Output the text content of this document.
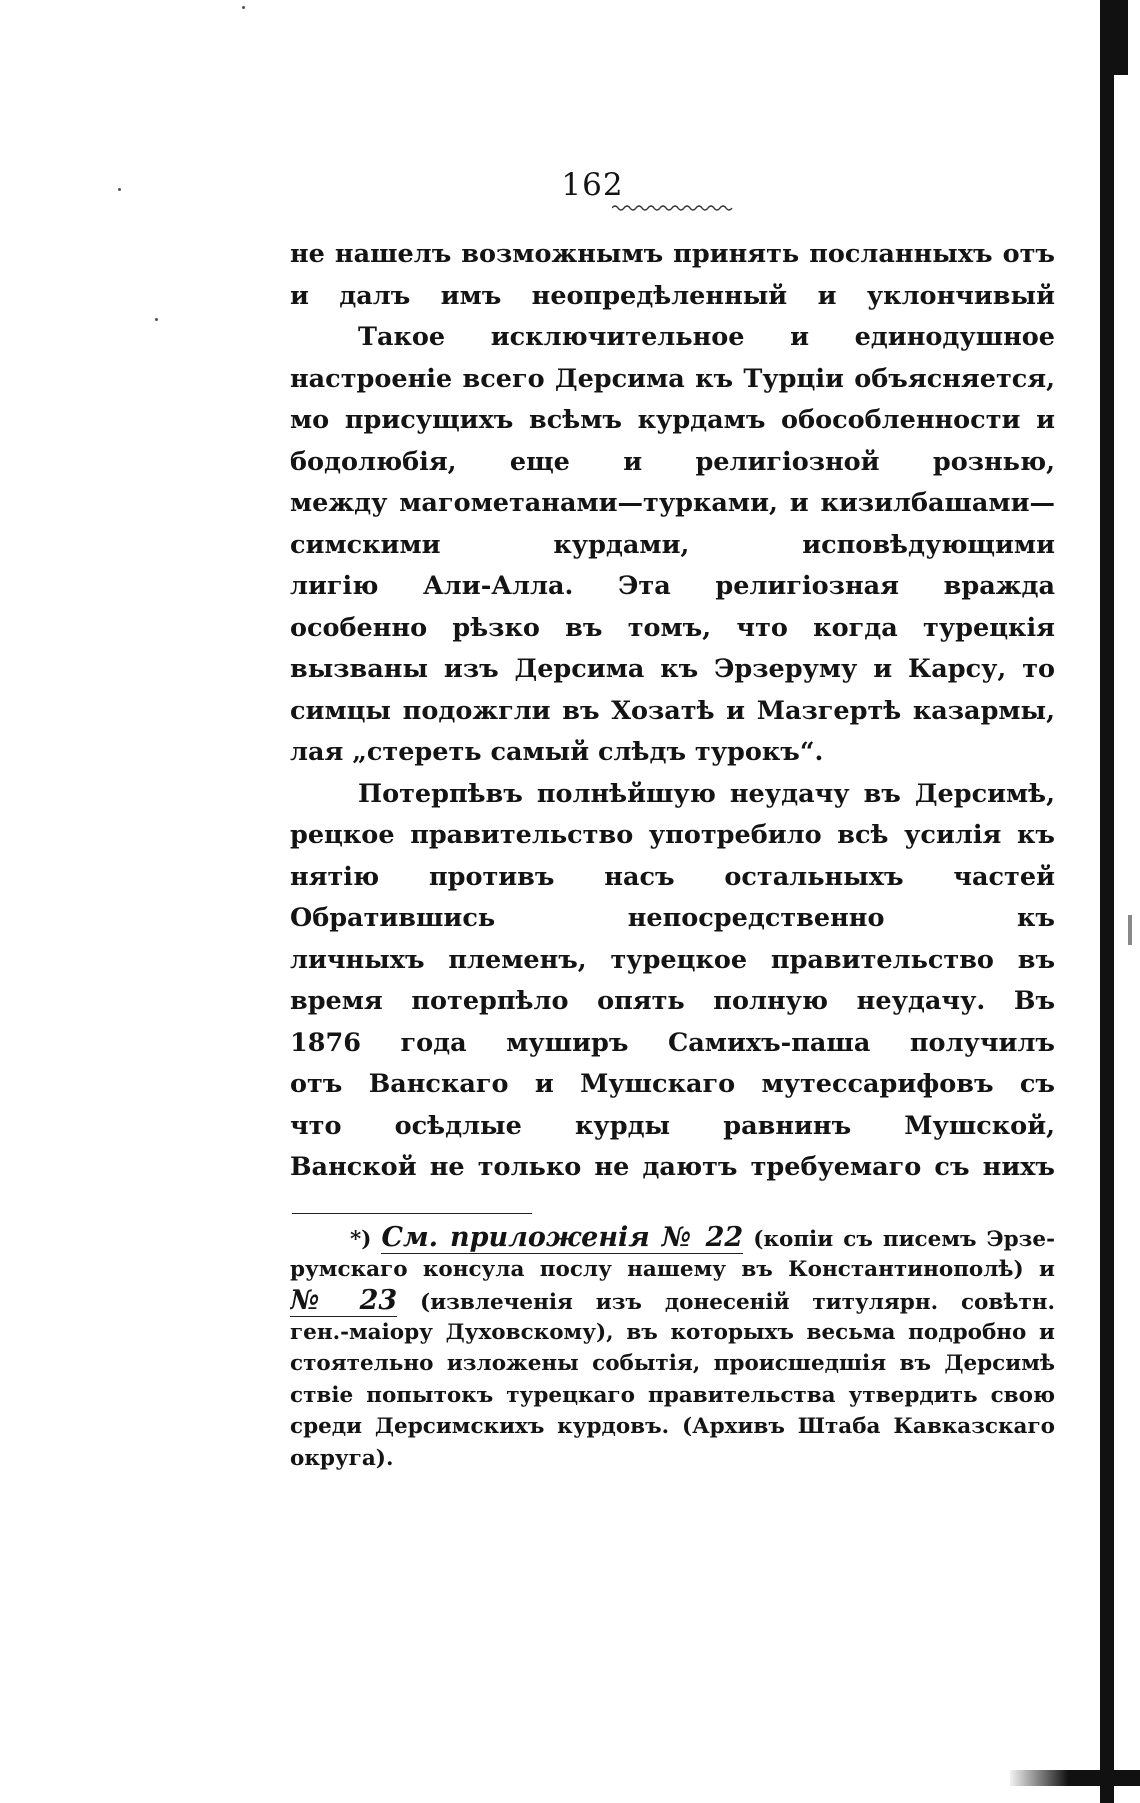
162
не нашелъ возможнымъ принять посланныхъ отъ
и далъ имъ неопредѣленный и уклончивый
Такое исключительное и единодушное
настроеніе всего Дерсима къ Турціи объясняется,
мо присущихъ всѣмъ курдамъ обособленности и
бодолюбія, еще и религіозной рознью,
между магометанами—турками, и кизилбашами—
симскими курдами, исповѣдующими
лигію Али-Алла. Эта религіозная вражда
особенно рѣзко въ томъ, что когда турецкія
вызваны изъ Дерсима къ Эрзеруму и Карсу, то
симцы подожгли въ Хозатѣ и Мазгертѣ казармы,
лая „стереть самый слѣдъ турокъ“.
Потерпѣвъ полнѣйшую неудачу въ Дерсимѣ,
рецкое правительство употребило всѣ усилія къ
нятію противъ насъ остальныхъ частей
Обратившись непосредственно къ
личныхъ племенъ, турецкое правительство въ
время потерпѣло опять полную неудачу. Въ
1876 года муширъ Самихъ-паша получилъ
отъ Ванскаго и Мушскаго мутессарифовъ съ
что осѣдлые курды равнинъ Мушской,
Ванской не только не даютъ требуемаго съ нихъ
*) См. приложенія № 22 (копіи съ писемъ Эрзе-
румскаго консула послу нашему въ Константинополѣ) и
№ 23 (извлеченія изъ донесеній титулярн. совѣтн.
ген.-маіору Духовскому), въ которыхъ весьма подробно и
стоятельно изложены событія, происшедшія въ Дерсимѣ
ствіе попытокъ турецкаго правительства утвердить свою
среди Дерсимскихъ курдовъ. (Архивъ Штаба Кавказскаго
округа).
